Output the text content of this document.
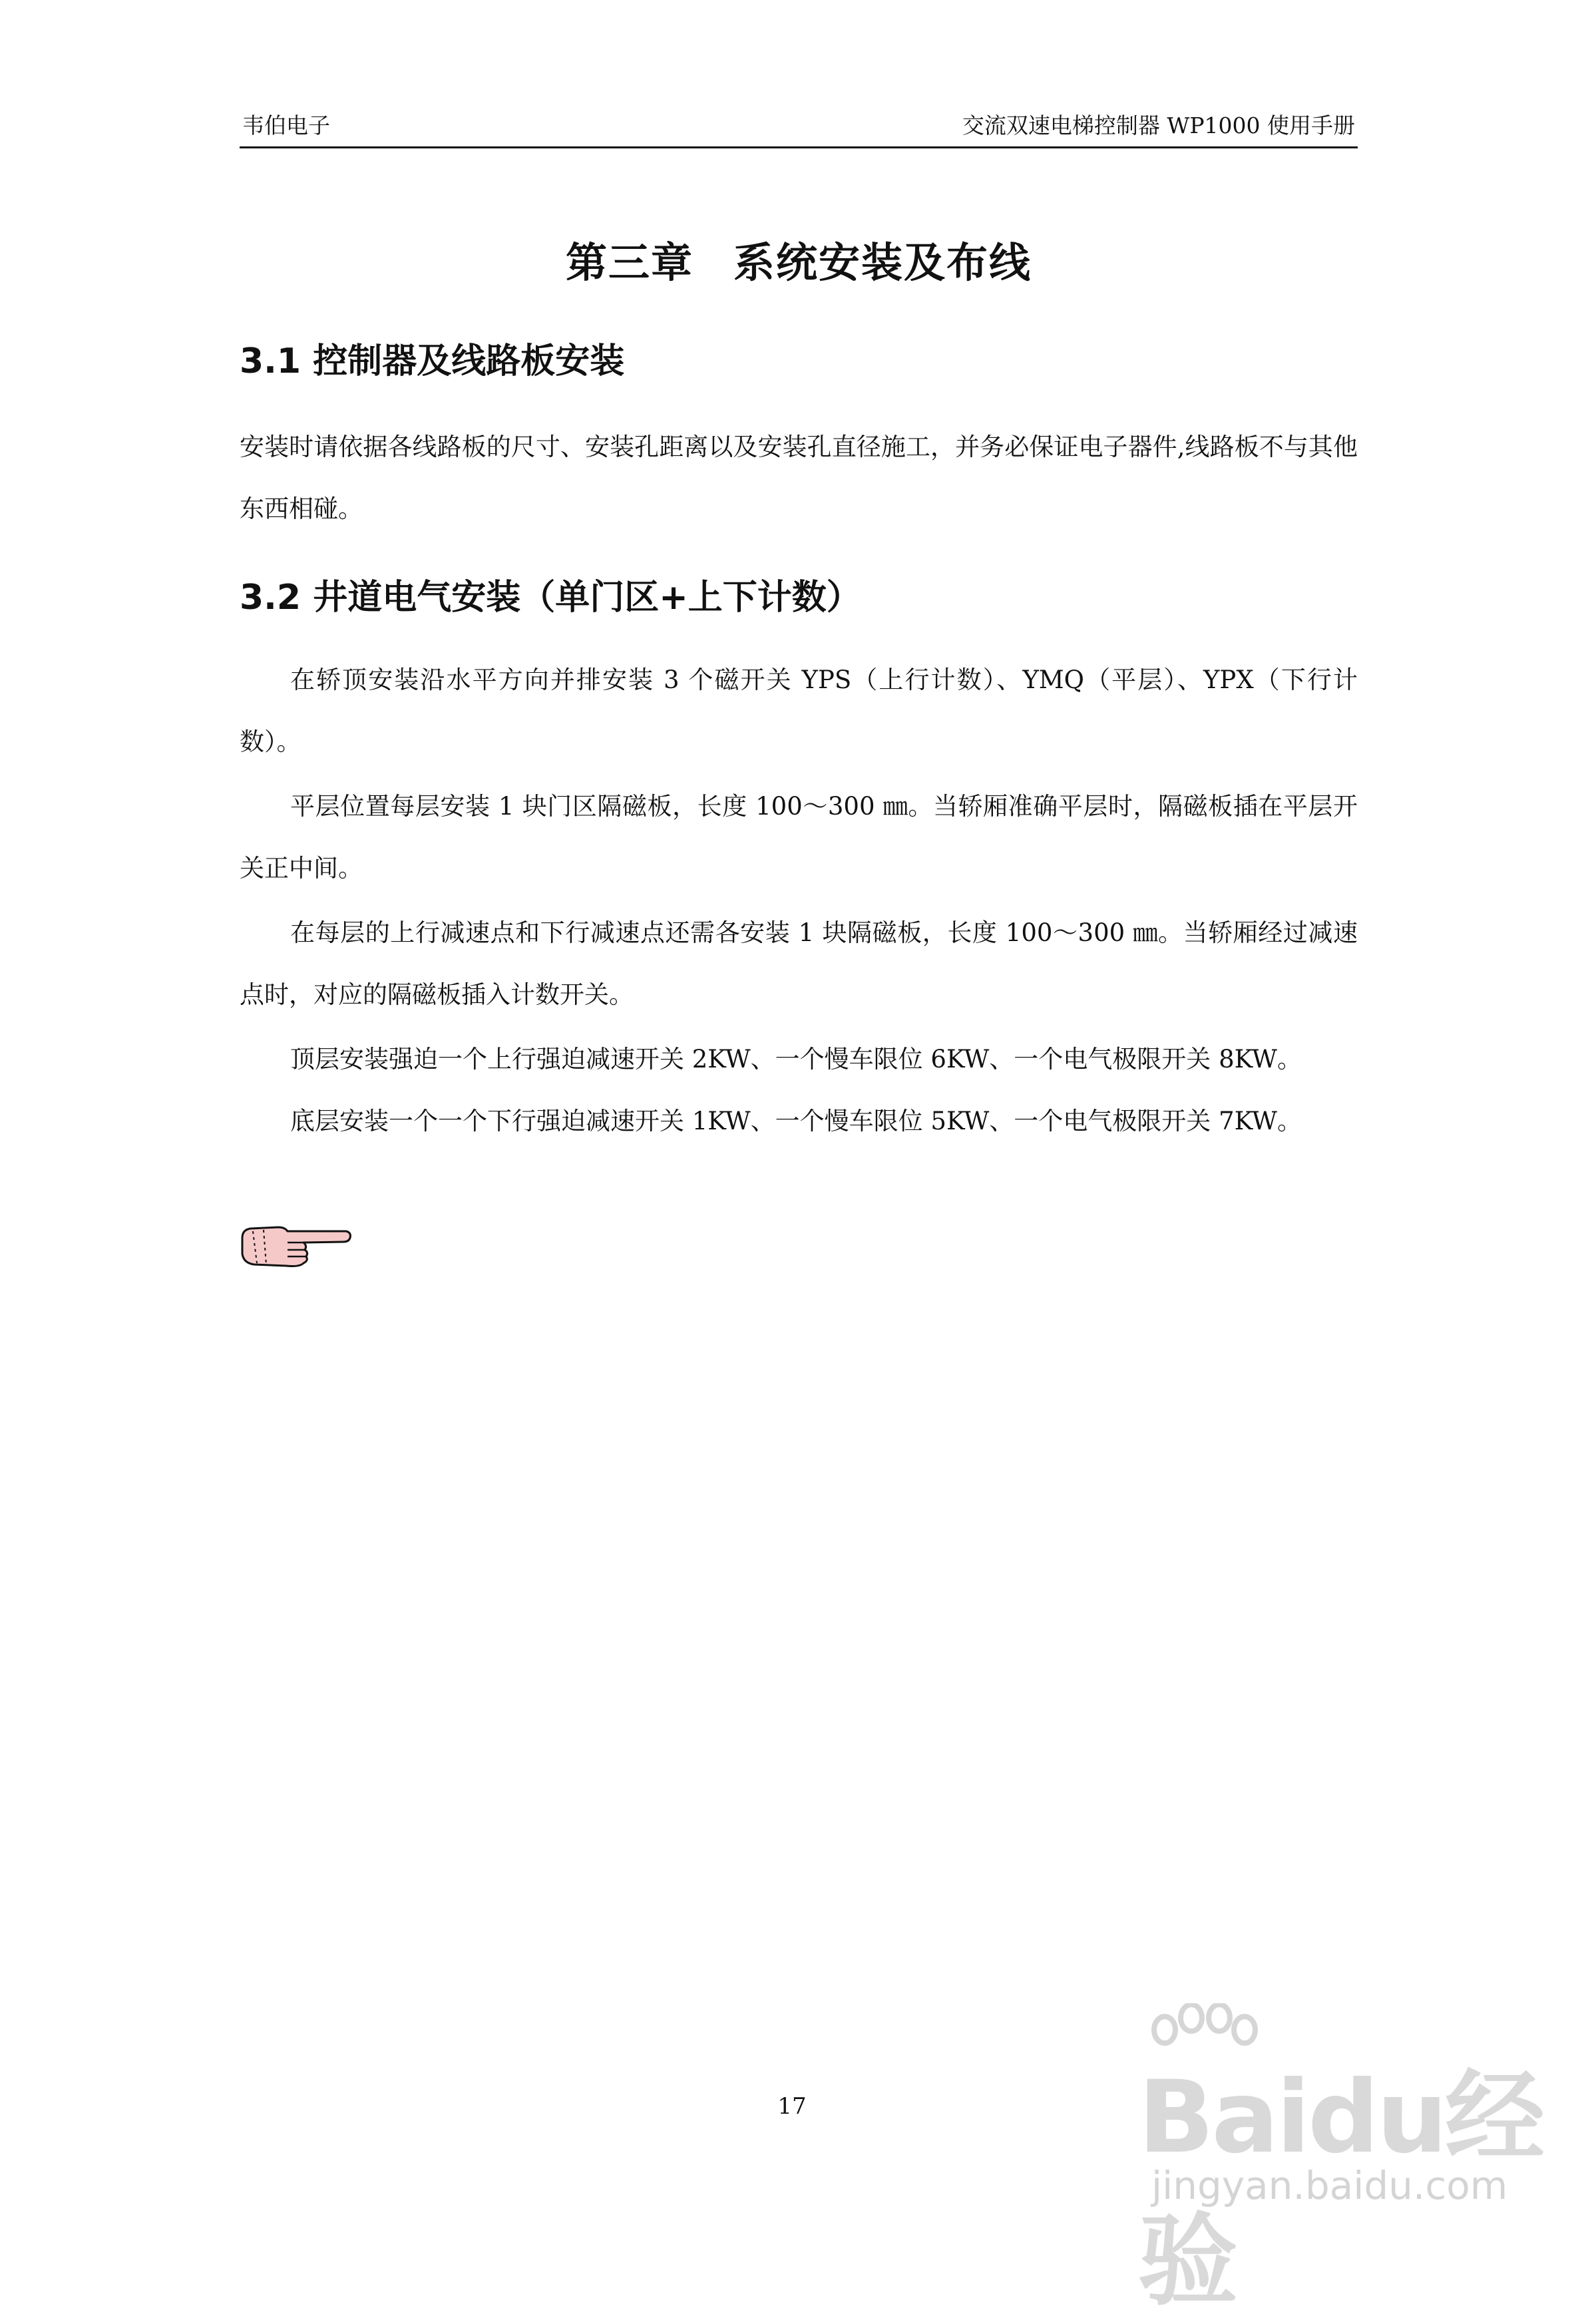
韦伯电子	交流双速电梯控制器 WP1000 使用手册
第三章 系统安装及布线
3.1 控制器及线路板安装

安装时请依据各线路板的尺寸、安装孔距离以及安装孔直径施工，并务必保证电子器件,线路板不与其他东西相碰。

3.2 井道电气安装（单门区+上下计数）

在轿顶安装沿水平方向并排安装 3 个磁开关 YPS（上行计数）、YMQ（平层）、YPX（下行计数）。

平层位置每层安装 1 块门区隔磁板，长度 100～300 ㎜。当轿厢准确平层时，隔磁板插在平层开关正中间。

在每层的上行减速点和下行减速点还需各安装 1 块隔磁板，长度 100～300 ㎜。当轿厢经过减速点时，对应的隔磁板插入计数开关。

顶层安装强迫一个上行强迫减速开关 2KW、一个慢车限位 6KW、一个电气极限开关 8KW。

底层安装一个一个下行强迫减速开关 1KW、一个慢车限位 5KW、一个电气极限开关 7KW。

17	Baidu经验
jingyan.baidu.com
